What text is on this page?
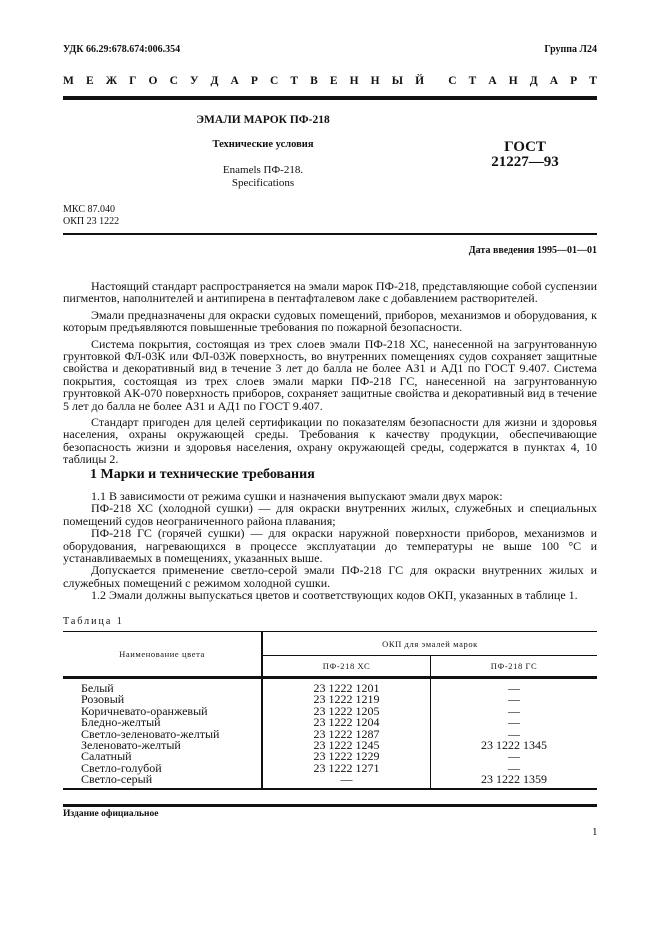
УДК 66.29:678.674:006.354	Группа Л24
М Е Ж Г О С У Д А Р С Т В Е Н Н Ы Й С Т А Н Д А Р Т
ЭМАЛИ МАРОК ПФ-218
Технические условия
Enamels ПФ-218.
Specifications
ГОСТ
21227—93
МКС 87.040
ОКП 23 1222
Дата введения 1995—01—01

Настоящий стандарт распространяется на эмали марок ПФ-218, представляющие собой суспензии пигментов, наполнителей и антипирена в пентафталевом лаке с добавлением растворителей.

Эмали предназначены для окраски судовых помещений, приборов, механизмов и оборудования, к которым предъявляются повышенные требования по пожарной безопасности.

Система покрытия, состоящая из трех слоев эмали ПФ-218 ХС, нанесенной на загрунтованную грунтовкой ФЛ-03К или ФЛ-03Ж поверхность, во внутренних помещениях судов сохраняет защитные свойства и декоративный вид в течение 3 лет до балла не более АЗ1 и АД1 по ГОСТ 9.407. Система покрытия, состоящая из трех слоев эмали марки ПФ-218 ГС, нанесенной на загрунтованную грунтовкой АК-070 поверхность приборов, сохраняет защитные свойства и декоративный вид в течение 5 лет до балла не более АЗ1 и АД1 по ГОСТ 9.407.

Стандарт пригоден для целей сертификации по показателям безопасности для жизни и здоровья населения, охраны окружающей среды. Требования к качеству продукции, обеспечивающие безопасность жизни и здоровья населения, охрану окружающей среды, содержатся в пунктах 4, 10 таблицы 2.

1 Марки и технические требования

1.1 В зависимости от режима сушки и назначения выпускают эмали двух марок:

ПФ-218 ХС (холодной сушки) — для окраски внутренних жилых, служебных и специальных помещений судов неограниченного района плавания;

ПФ-218 ГС (горячей сушки) — для окраски наружной поверхности приборов, механизмов и оборудования, нагревающихся в процессе эксплуатации до температуры не выше 100 °С и устанавливаемых в помещениях, указанных выше.

Допускается применение светло-серой эмали ПФ-218 ГС для окраски внутренних жилых и служебных помещений с режимом холодной сушки.

1.2 Эмали должны выпускаться цветов и соответствующих кодов ОКП, указанных в таблице 1.

Таблица 1
Наименование цвета	ОКП для эмалей марок	
	ПФ-218 ХС	ПФ-218 ГС
Белый	23 1222 1201	—
Розовый	23 1222 1219	—
Коричневато-оранжевый	23 1222 1205	—
Бледно-желтый	23 1222 1204	—
Светло-зеленовато-желтый	23 1222 1287	—
Зеленовато-желтый	23 1222 1245	23 1222 1345
Салатный	23 1222 1229	—
Светло-голубой	23 1222 1271	—
Светло-серый	—	23 1222 1359
Издание официальное
1
